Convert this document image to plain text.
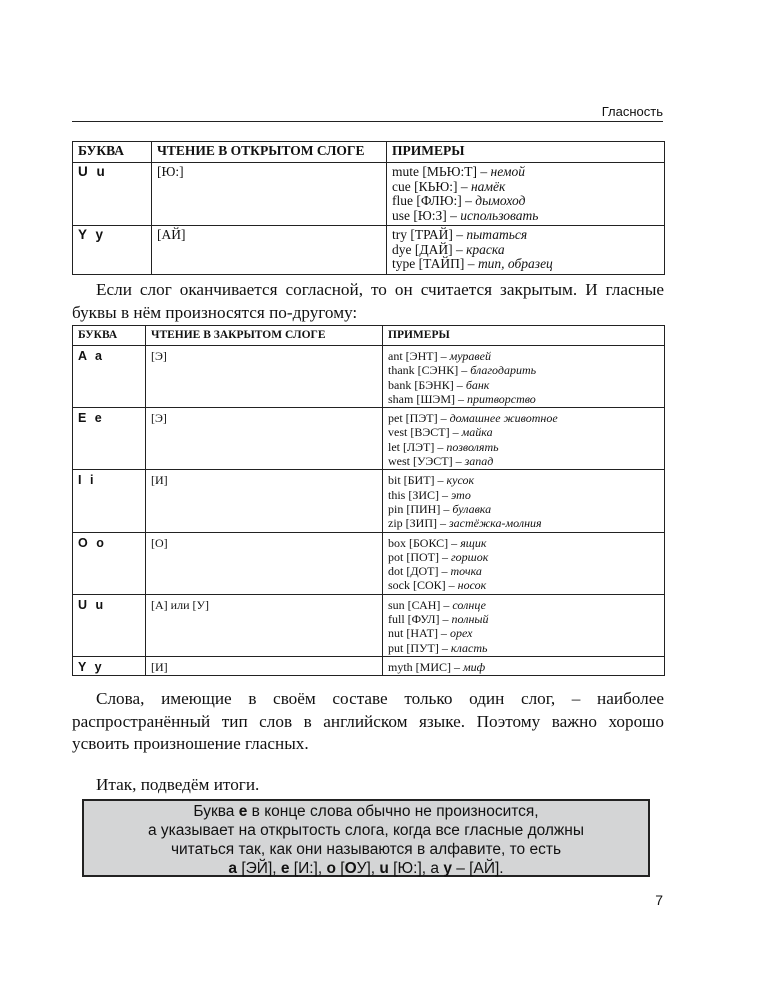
Гласность
БУКВА	ЧТЕНИЕ В ОТКРЫТОМ СЛОГЕ	ПРИМЕРЫ
U u	[Ю:]	mute [МЬЮ:Т] – немой
cue [КЬЮ:] – намёк
flue [ФЛЮ:] – дымоход
use [Ю:З] – использовать

Y y	[АЙ]	try [ТРАЙ] – пытаться
dye [ДАЙ] – краска
type [ТАЙП] – тип, образец

Если слог оканчивается согласной, то он считается закрытым. И гласные буквы в нём произносятся по-другому:

БУКВА	ЧТЕНИЕ В ЗАКРЫТОМ СЛОГЕ	ПРИМЕРЫ
A a	[Э]	ant [ЭНТ] – муравей
thank [СЭНК] – благодарить
bank [БЭНК] – банк
sham [ШЭМ] – притворство

E e	[Э]	pet [ПЭТ] – домашнее животное
vest [ВЭСТ] – майка
let [ЛЭТ] – позволять
west [УЭСТ] – запад

I i	[И]	bit [БИТ] – кусок
this [ЗИС] – это
pin [ПИН] – булавка
zip [ЗИП] – застёжка-молния

O o	[О]	box [БОКС] – ящик
pot [ПОТ] – горшок
dot [ДОТ] – точка
sock [СОК] – носок

U u	[А] или [У]	sun [САН] – солнце
full [ФУЛ] – полный
nut [НАТ] – орех
put [ПУТ] – класть

Y y	[И]	myth [МИС] – миф

Слова, имеющие в своём составе только один слог, – наиболее распространённый тип слов в английском языке. Поэтому важно хорошо усвоить произношение гласных.

Итак, подведём итоги.

Буква e в конце слова обычно не произносится,
а указывает на открытость слога, когда все гласные должны
читаться так, как они называются в алфавите, то есть
a [ЭЙ], e [И:], o [ОУ], u [Ю:], а y – [АЙ].
7
